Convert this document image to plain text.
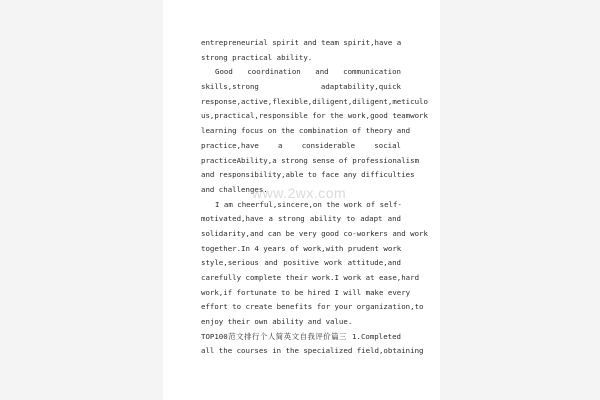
entrepreneurial spirit and team spirit,have a
strong practical ability.
Good coordination and communication
skills,strong adaptability,quick
response,active,flexible,diligent,diligent,meticulo
us,practical,responsible for the work,good teamwork
learning focus on the combination of theory and
practice,have a considerable social
practiceAbility,a strong sense of professionalism
and responsibility,able to face any difficulties
and challenges.
I am cheerful,sincere,on the work of self-
motivated,have a strong ability to adapt and
solidarity,and can be very good co-workers and work
together.In 4 years of work,with prudent work
style,serious and positive work attitude,and
carefully complete their work.I work at ease,hard
work,if fortunate to be hired I will make every
effort to create benefits for your organization,to
enjoy their own ability and value.
TOP100范文排行个人简英文自我评价篇三 1.Completed
all the courses in the specialized field,obtaining
www.2wx.com
